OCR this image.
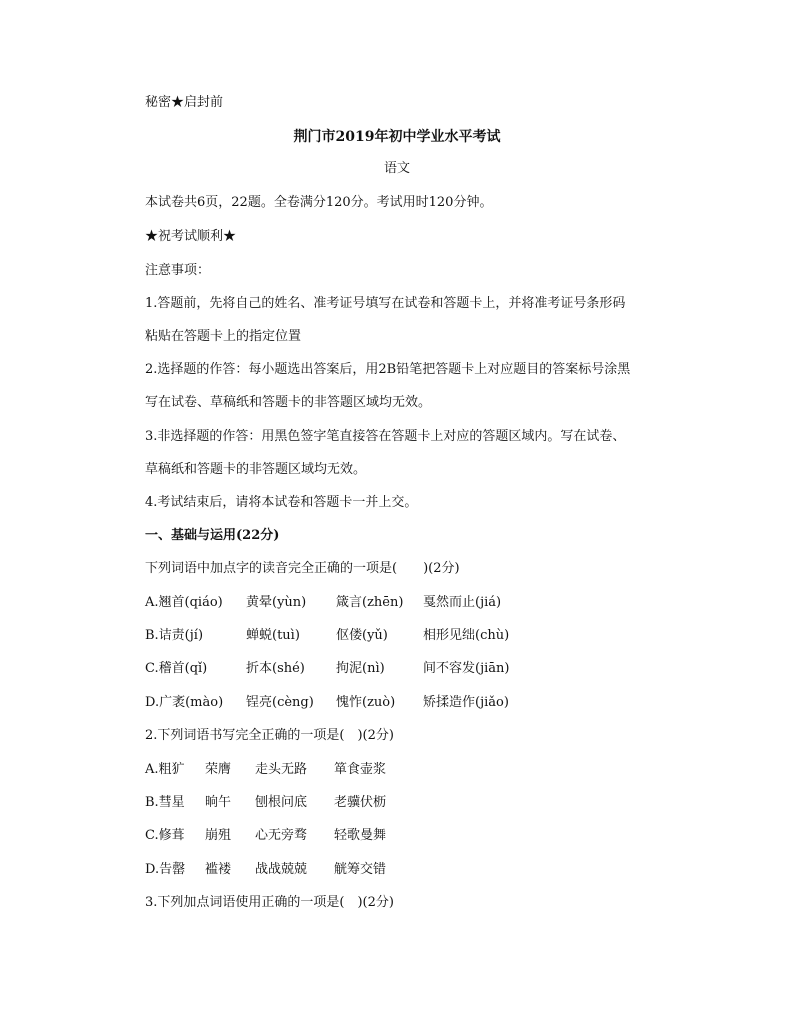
秘密★启封前
荆门市2019年初中学业水平考试
语文
本试卷共6页，22题。全卷满分120分。考试用时120分钟。
★祝考试顺利★
注意事项：
1.答题前，先将自己的姓名、准考证号填写在试卷和答题卡上，并将准考证号条形码
粘贴在答题卡上的指定位置
2.选择题的作答：每小题选出答案后，用2B铅笔把答题卡上对应题目的答案标号涂黑
写在试卷、草稿纸和答题卡的非答题区域均无效。
3.非选择题的作答：用黑色签字笔直接答在答题卡上对应的答题区域内。写在试卷、
草稿纸和答题卡的非答题区域均无效。
4.考试结束后，请将本试卷和答题卡一并上交。
一、基础与运用(22分)
下列词语中加点字的读音完全正确的一项是(　　)(2分)
A.翘首(qiáo) 黄晕(yùn) 箴言(zhēn) 戛然而止(jiá)
B.诘责(jí)	蝉蜕(tuì)	伛偻(yǔ)	相形见绌(chù)
C.稽首(qǐ)	折本(shé) 拘泥(nì)	间不容发(jiān)
D.广袤(mào) 锃亮(cèng) 愧怍(zuò) 矫揉造作(jiǎo)
2.下列词语书写完全正确的一项是(　)(2分)
A.粗犷 荣膺 走头无路 箪食壶浆
B.彗星 晌午 刨根问底 老骥伏枥
C.修葺 崩殂 心无旁骛 轻歌曼舞
D.告罄 褴褛 战战兢兢 觥筹交错
3.下列加点词语使用正确的一项是(　)(2分)
